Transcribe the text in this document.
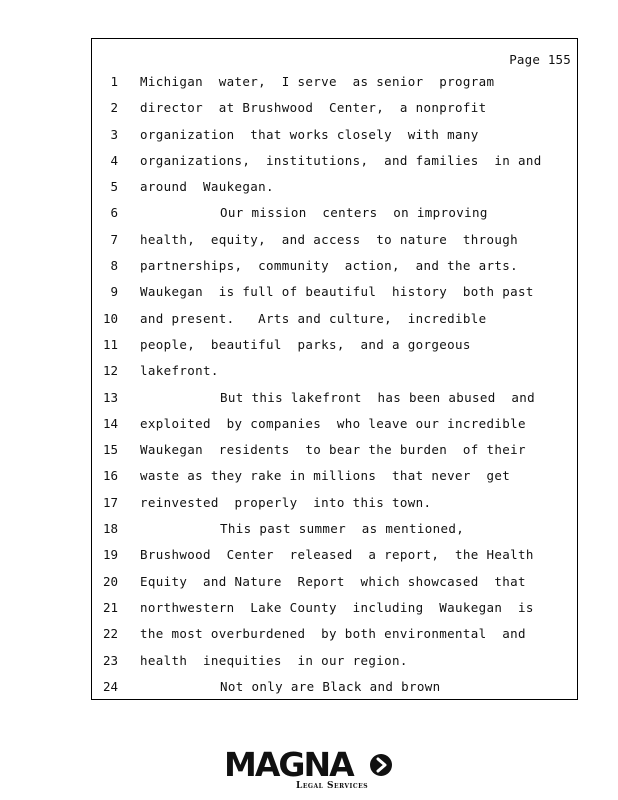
Page 155
1 Michigan  water,  I serve  as senior  program
2 director  at Brushwood  Center,  a nonprofit
3 organization  that works closely  with many
4 organizations,  institutions,  and families  in and
5 around  Waukegan.
6	Our mission  centers  on improving
7 health,  equity,  and access  to nature  through
8 partnerships,  community  action,  and the arts.
9 Waukegan  is full of beautiful  history  both past
10 and present.   Arts and culture,  incredible
11 people,  beautiful  parks,  and a gorgeous
12 lakefront.
13	But this lakefront  has been abused  and
14 exploited  by companies  who leave our incredible
15 Waukegan  residents  to bear the burden  of their
16 waste as they rake in millions  that never  get
17 reinvested  properly  into this town.
18	This past summer  as mentioned,
19 Brushwood  Center  released  a report,  the Health
20 Equity  and Nature  Report  which showcased  that
21 northwestern  Lake County  including  Waukegan  is
22 the most overburdened  by both environmental  and
23 health  inequities  in our region.
24	Not only are Black and brown
MAGNA
Legal Services
